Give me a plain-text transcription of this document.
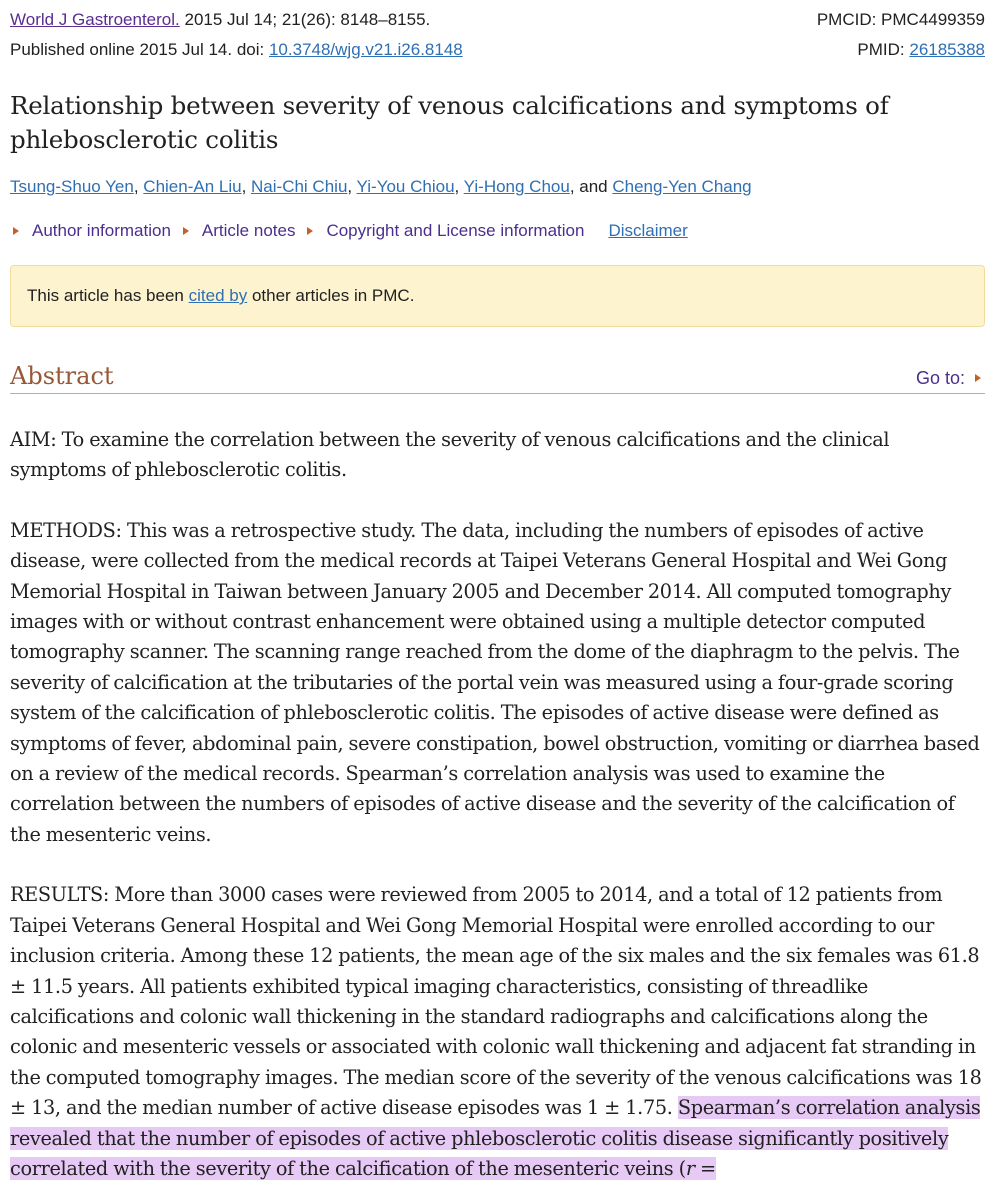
World J Gastroenterol. 2015 Jul 14; 21(26): 8148–8155.	PMCID: PMC4499359
Published online 2015 Jul 14. doi: 10.3748/wjg.v21.i26.8148	PMID: 26185388
Relationship between severity of venous calcifications and symptoms of phlebosclerotic colitis
Tsung-Shuo Yen, Chien-An Liu, Nai-Chi Chiu, Yi-You Chiou, Yi-Hong Chou, and Cheng-Yen Chang
Author information Article notes Copyright and License information Disclaimer
This article has been
cited by
other articles in PMC.
Abstract	Go to:

AIM: To examine the correlation between the severity of venous calcifications and the clinical symptoms of phlebosclerotic colitis.

METHODS: This was a retrospective study. The data, including the numbers of episodes of active disease, were collected from the medical records at Taipei Veterans General Hospital and Wei Gong Memorial Hospital in Taiwan between January 2005 and December 2014. All computed tomography images with or without contrast enhancement were obtained using a multiple detector computed tomography scanner. The scanning range reached from the dome of the diaphragm to the pelvis. The severity of calcification at the tributaries of the portal vein was measured using a four-grade scoring system of the calcification of phlebosclerotic colitis. The episodes of active disease were defined as symptoms of fever, abdominal pain, severe constipation, bowel obstruction, vomiting or diarrhea based on a review of the medical records. Spearman’s correlation analysis was used to examine the correlation between the numbers of episodes of active disease and the severity of the calcification of the mesenteric veins.

RESULTS: More than 3000 cases were reviewed from 2005 to 2014, and a total of 12 patients from Taipei Veterans General Hospital and Wei Gong Memorial Hospital were enrolled according to our inclusion criteria. Among these 12 patients, the mean age of the six males and the six females was 61.8 ± 11.5 years. All patients exhibited typical imaging characteristics, consisting of threadlike calcifications and colonic wall thickening in the standard radiographs and calcifications along the colonic and mesenteric vessels or associated with colonic wall thickening and adjacent fat stranding in the computed tomography images. The median score of the severity of the venous calcifications was 18 ± 13, and the median number of active disease episodes was 1 ± 1.75. Spearman’s correlation analysis revealed that the number of episodes of active phlebosclerotic colitis disease significantly positively correlated with the severity of the calcification of the mesenteric veins (r =
